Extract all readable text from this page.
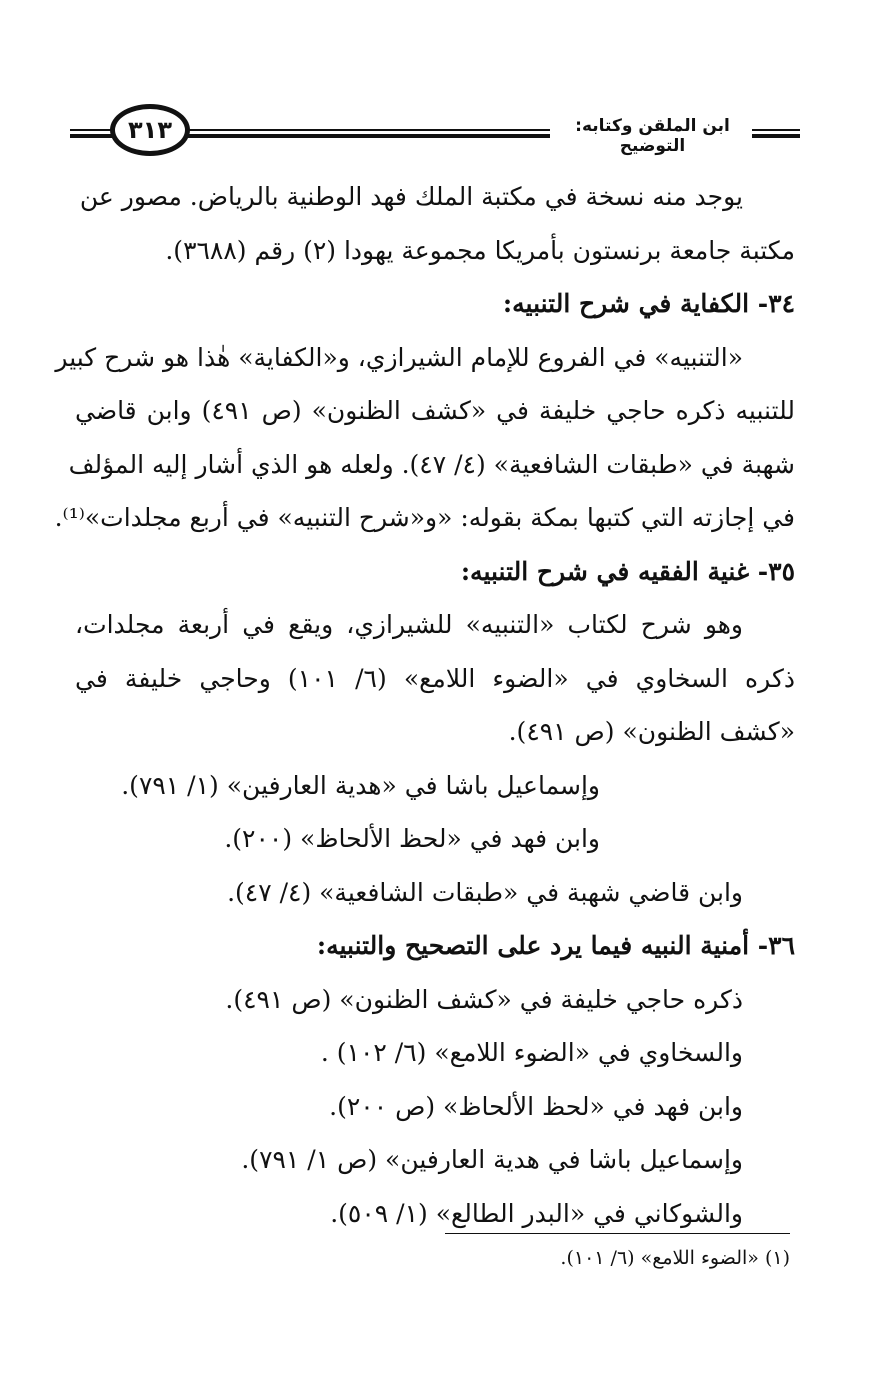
٣١٣	ابن الملقن وكتابه: التوضيح
يوجد منه نسخة في مكتبة الملك فهد الوطنية بالرياض. مصور عن
مكتبة جامعة برنستون بأمريكا مجموعة يهودا (٢) رقم (٣٦٨٨).
٣٤- الكفاية في شرح التنبيه:
«التنبيه» في الفروع للإمام الشيرازي، و«الكفاية» هٰذا هو شرح كبير
للتنبيه ذكره حاجي خليفة في «كشف الظنون» (ص ٤٩١) وابن قاضي
شهبة في «طبقات الشافعية» (٤/ ٤٧). ولعله هو الذي أشار إليه المؤلف
في إجازته التي كتبها بمكة بقوله: «و«شرح التنبيه» في أربع مجلدات»⁽¹⁾.
٣٥- غنية الفقيه في شرح التنبيه:
وهو شرح لكتاب «التنبيه» للشيرازي، ويقع في أربعة مجلدات،
ذكره السخاوي في «الضوء اللامع» (٦/ ١٠١) وحاجي خليفة في
«كشف الظنون» (ص ٤٩١).
وإسماعيل باشا في «هدية العارفين» (١/ ٧٩١).
وابن فهد في «لحظ الألحاظ» (٢٠٠).
وابن قاضي شهبة في «طبقات الشافعية» (٤/ ٤٧).
٣٦- أمنية النبيه فيما يرد على التصحيح والتنبيه:
ذكره حاجي خليفة في «كشف الظنون» (ص ٤٩١).
والسخاوي في «الضوء اللامع» (٦/ ١٠٢) .
وابن فهد في «لحظ الألحاظ» (ص ٢٠٠).
وإسماعيل باشا في هدية العارفين» (ص ١/ ٧٩١).
والشوكاني في «البدر الطالع» (١/ ٥٠٩).
(١) «الضوء اللامع» (٦/ ١٠١).
